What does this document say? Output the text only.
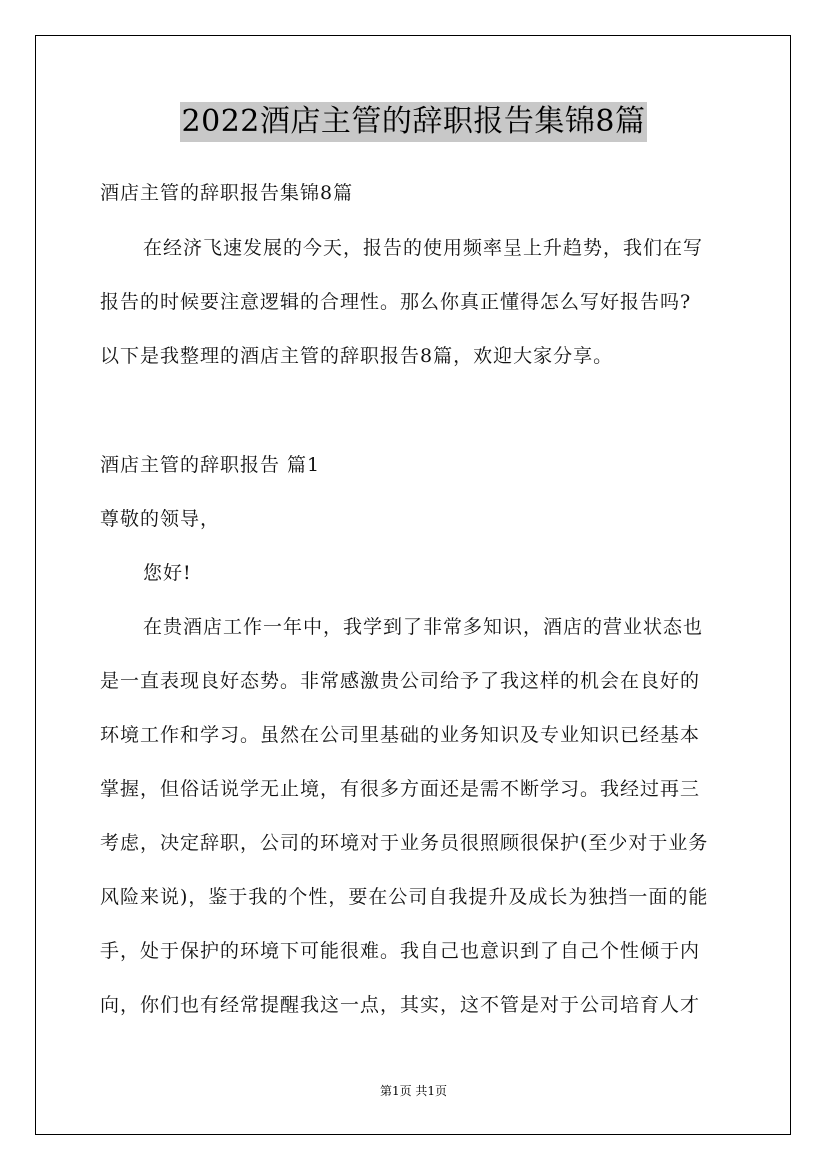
2022酒店主管的辞职报告集锦8篇
酒店主管的辞职报告集锦8篇
在经济飞速发展的今天，报告的使用频率呈上升趋势，我们在写
报告的时候要注意逻辑的合理性。那么你真正懂得怎么写好报告吗?
以下是我整理的酒店主管的辞职报告8篇，欢迎大家分享。
酒店主管的辞职报告 篇1
尊敬的领导，
您好!
在贵酒店工作一年中，我学到了非常多知识，酒店的营业状态也
是一直表现良好态势。非常感激贵公司给予了我这样的机会在良好的
环境工作和学习。虽然在公司里基础的业务知识及专业知识已经基本
掌握，但俗话说学无止境，有很多方面还是需不断学习。我经过再三
考虑，决定辞职，公司的环境对于业务员很照顾很保护(至少对于业务
风险来说)，鉴于我的个性，要在公司自我提升及成长为独挡一面的能
手，处于保护的环境下可能很难。我自己也意识到了自己个性倾于内
向，你们也有经常提醒我这一点，其实，这不管是对于公司培育人才
第1页 共1页
